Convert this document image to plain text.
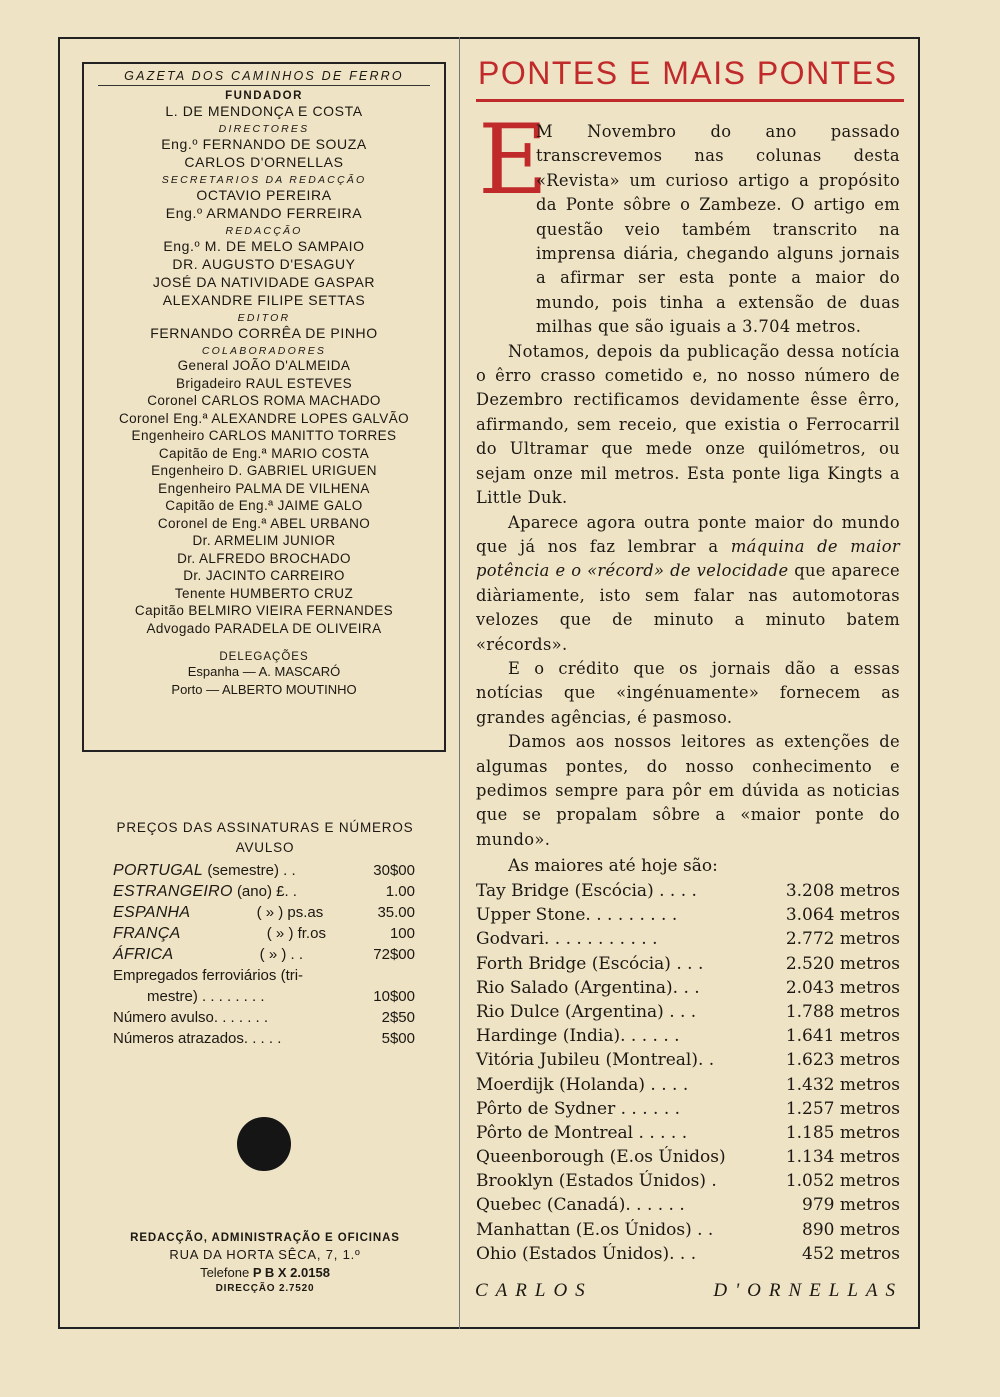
GAZETA DOS CAMINHOS DE FERRO
FUNDADOR
L. DE MENDONÇA E COSTA
DIRECTORES
Eng.º FERNANDO DE SOUZA
CARLOS D'ORNELLAS
SECRETARIOS DA REDACÇÃO
OCTAVIO PEREIRA
Eng.º ARMANDO FERREIRA
REDACÇÃO
Eng.º M. DE MELO SAMPAIO
DR. AUGUSTO D'ESAGUY
JOSÉ DA NATIVIDADE GASPAR
ALEXANDRE FILIPE SETTAS
EDITOR
FERNANDO CORRÊA DE PINHO
COLABORADORES
General JOÃO D'ALMEIDA
Brigadeiro RAUL ESTEVES
Coronel CARLOS ROMA MACHADO
Coronel Eng.ª ALEXANDRE LOPES GALVÃO
Engenheiro CARLOS MANITTO TORRES
Capitão de Eng.ª MARIO COSTA
Engenheiro D. GABRIEL URIGUEN
Engenheiro PALMA DE VILHENA
Capitão de Eng.ª JAIME GALO
Coronel de Eng.ª ABEL URBANO
Dr. ARMELIM JUNIOR
Dr. ALFREDO BROCHADO
Dr. JACINTO CARREIRO
Tenente HUMBERTO CRUZ
Capitão BELMIRO VIEIRA FERNANDES
Advogado PARADELA DE OLIVEIRA
DELEGAÇÕES
Espanha — A. MASCARÓ
Porto — ALBERTO MOUTINHO
PREÇOS DAS ASSINATURAS E NÚMEROS
AVULSO
PORTUGAL (semestre) . .	30$00
ESTRANGEIRO (ano) £. .	1.00
ESPANHA	( » ) ps.as	35.00
FRANÇA	( » ) fr.os	100
ÁFRICA	( » ) . .	72$00
Empregados ferroviários (tri-
mestre) . . . . . . . .	10$00
Número avulso. . . . . . .	2$50
Números atrazados. . . . .	5$00
REDACÇÃO, ADMINISTRAÇÃO E OFICINAS
RUA DA HORTA SÊCA, 7, 1.º
Telefone P B X 2.0158
DIRECÇÃO 2.7520
PONTES E MAIS PONTES
E

M Novembro do ano passado transcrevemos nas colunas desta «Revista» um curioso artigo a propósito da Ponte sôbre o Zambeze. O artigo em questão veio também transcrito na imprensa diária, chegando alguns jornais a afirmar ser esta ponte a maior do mundo, pois tinha a extensão de duas milhas que são iguais a 3.704 metros.

Notamos, depois da publicação dessa notícia o êrro crasso cometido e, no nosso número de Dezembro rectificamos devidamente êsse êrro, afirmando, sem receio, que existia o Ferrocarril do Ultramar que mede onze quilómetros, ou sejam onze mil metros. Esta ponte liga Kingts a Little Duk.

Aparece agora outra ponte maior do mundo que já nos faz lembrar a máquina de maior potência e o «récord» de velocidade que aparece diàriamente, isto sem falar nas automotoras velozes que de minuto a minuto batem «récords».

E o crédito que os jornais dão a essas notícias que «ingénuamente» fornecem as grandes agências, é pasmoso.

Damos aos nossos leitores as extenções de algumas pontes, do nosso conhecimento e pedimos sempre para pôr em dúvida as noticias que se propalam sôbre a «maior ponte do mundo».

As maiores até hoje são:
Tay Bridge (Escócia) . . . .	3.208 metros
Upper Stone. . . . . . . . .	3.064 metros
Godvari. . . . . . . . . . .	2.772 metros
Forth Bridge (Escócia) . . .	2.520 metros
Rio Salado (Argentina). . .	2.043 metros
Rio Dulce (Argentina) . . .	1.788 metros
Hardinge (India). . . . . .	1.641 metros
Vitória Jubileu (Montreal). .	1.623 metros
Moerdijk (Holanda) . . . .	1.432 metros
Pôrto de Sydner . . . . . .	1.257 metros
Pôrto de Montreal . . . . .	1.185 metros
Queenborough (E.os Únidos)	1.134 metros
Brooklyn (Estados Únidos) .	1.052 metros
Quebec (Canadá). . . . . .	979 metros
Manhattan (E.os Únidos) . .	890 metros
Ohio (Estados Únidos). . .	452 metros
CARLOS	D'ORNELLAS
